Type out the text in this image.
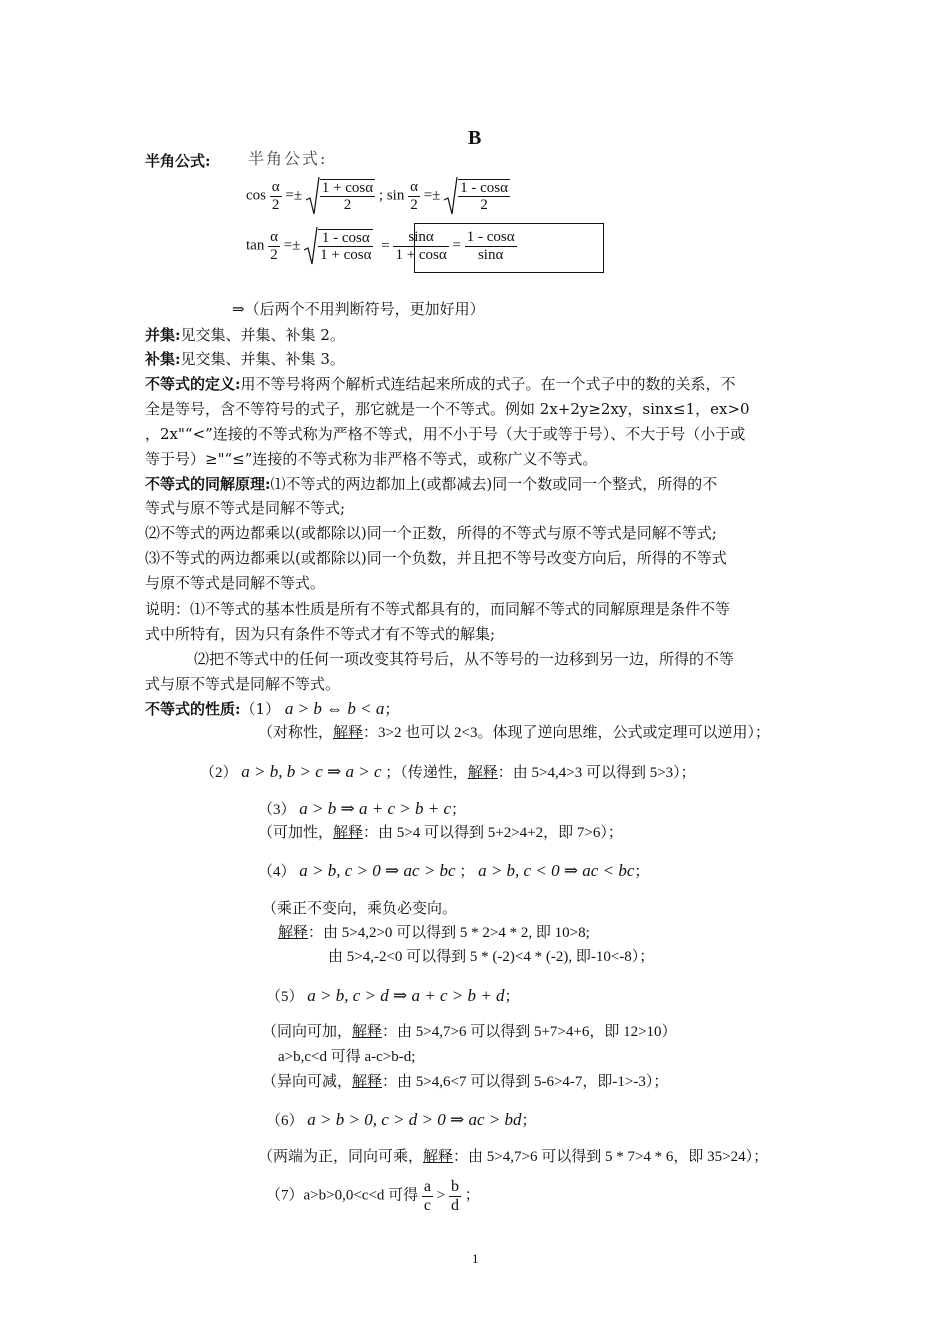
B
半角公式: 半角公式:
$\cos \frac{\alpha}{2} =\pm \frac{1 + \cos\alpha}{2}$ ; $\sin \frac{\alpha}{2} =\pm \frac{1 - \cos\alpha}{2}$
$\tan \frac{\alpha}{2} =\pm \frac{1 - \cos\alpha}{1 + \cos\alpha} = \frac{\sin\alpha}{1 + \cos\alpha} = \frac{1 - \cos\alpha}{\sin\alpha}$
⇒（后两个不用判断符号，更加好用）
并集:见交集、并集、补集 2。
补集:见交集、并集、补集 3。
不等式的定义:用不等号将两个解析式连结起来所成的式子。在一个式子中的数的关系，不
全是等号，含不等符号的式子，那它就是一个不等式。例如 2x+2y≥2xy，sinx≤1，ex>0
，2x"“<”连接的不等式称为严格不等式，用不小于号（大于或等于号）、不大于号（小于或
等于号）≥"“≤”连接的不等式称为非严格不等式，或称广义不等式。
不等式的同解原理:⑴不等式的两边都加上(或都减去)同一个数或同一个整式，所得的不
等式与原不等式是同解不等式;
⑵不等式的两边都乘以(或都除以)同一个正数，所得的不等式与原不等式是同解不等式;
⑶不等式的两边都乘以(或都除以)同一个负数，并且把不等号改变方向后，所得的不等式
与原不等式是同解不等式。
说明：⑴不等式的基本性质是所有不等式都具有的，而同解不等式的同解原理是条件不等
式中所特有，因为只有条件不等式才有不等式的解集;
⑵把不等式中的任何一项改变其符号后，从不等号的一边移到另一边，所得的不等
式与原不等式是同解不等式。
不等式的性质:（1） a > b ⇔ b < a；
（对称性，解释：3>2 也可以 2<3。体现了逆向思维，公式或定理可以逆用）；
（2） a > b, b > c ⇒ a > c ；（传递性，解释：由 5>4,4>3 可以得到 5>3）；
（3） a > b ⇒ a + c > b + c；
（可加性，解释：由 5>4 可以得到 5+2>4+2，即 7>6）；
（4） a > b, c > 0 ⇒ ac > bc ； a > b, c < 0 ⇒ ac < bc；
（乘正不变向，乘负必变向。
解释：由 5>4,2>0 可以得到 5 * 2>4 * 2, 即 10>8;
由 5>4,-2<0 可以得到 5 * (-2)<4 * (-2), 即-10<-8）；
（5） a > b, c > d ⇒ a + c > b + d；
（同向可加，解释：由 5>4,7>6 可以得到 5+7>4+6，即 12>10）
a>b,c<d 可得 a-c>b-d;
（异向可减，解释：由 5>4,6<7 可以得到 5-6>4-7，即-1>-3）；
（6） a > b > 0, c > d > 0 ⇒ ac > bd；
（两端为正，同向可乘，解释：由 5>4,7>6 可以得到 5 * 7>4 * 6，即 35>24）；
（7）a>b>0,0<c<d 可得 $\frac{a}{c} > \frac{b}{d}$ ；
1
